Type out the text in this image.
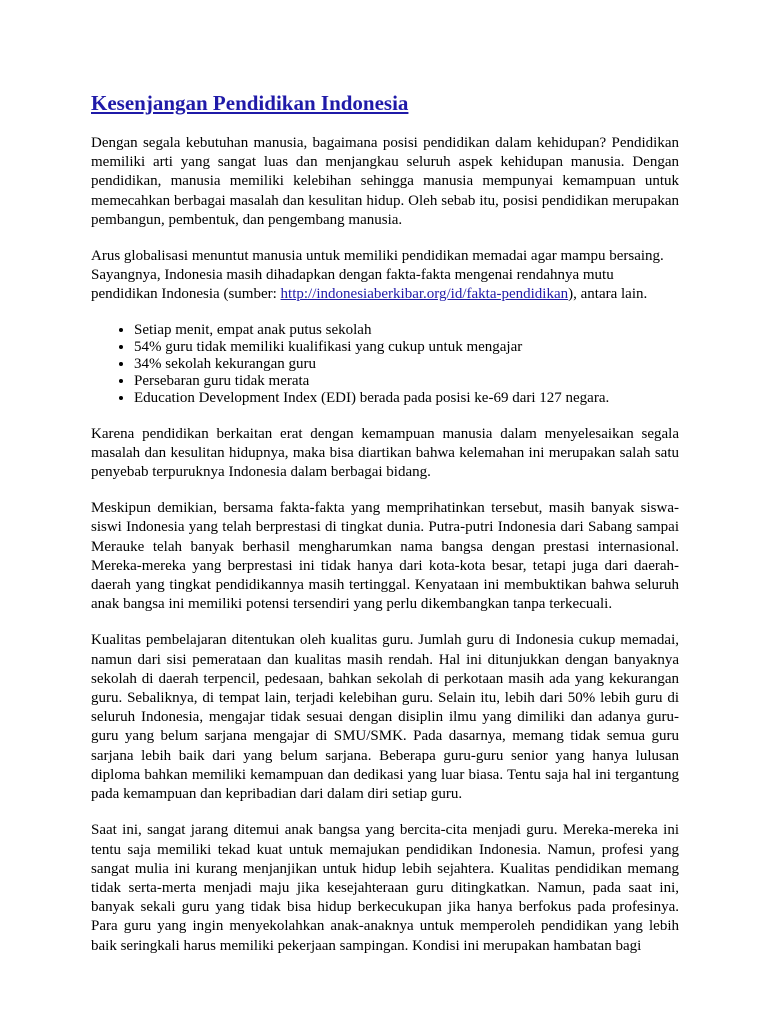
Kesenjangan Pendidikan Indonesia

Dengan segala kebutuhan manusia, bagaimana posisi pendidikan dalam kehidupan? Pendidikan memiliki arti yang sangat luas dan menjangkau seluruh aspek kehidupan manusia. Dengan pendidikan, manusia memiliki kelebihan sehingga manusia mempunyai kemampuan untuk memecahkan berbagai masalah dan kesulitan hidup. Oleh sebab itu, posisi pendidikan merupakan pembangun, pembentuk, dan pengembang manusia.

Arus globalisasi menuntut manusia untuk memiliki pendidikan memadai agar mampu bersaing. Sayangnya, Indonesia masih dihadapkan dengan fakta-fakta mengenai rendahnya mutu pendidikan Indonesia (sumber: http://indonesiaberkibar.org/id/fakta-pendidikan), antara lain.

• Setiap menit, empat anak putus sekolah
• 54% guru tidak memiliki kualifikasi yang cukup untuk mengajar
• 34% sekolah kekurangan guru
• Persebaran guru tidak merata
• Education Development Index (EDI) berada pada posisi ke-69 dari 127 negara.

Karena pendidikan berkaitan erat dengan kemampuan manusia dalam menyelesaikan segala masalah dan kesulitan hidupnya, maka bisa diartikan bahwa kelemahan ini merupakan salah satu penyebab terpuruknya Indonesia dalam berbagai bidang.

Meskipun demikian, bersama fakta-fakta yang memprihatinkan tersebut, masih banyak siswa-siswi Indonesia yang telah berprestasi di tingkat dunia. Putra-putri Indonesia dari Sabang sampai Merauke telah banyak berhasil mengharumkan nama bangsa dengan prestasi internasional. Mereka-mereka yang berprestasi ini tidak hanya dari kota-kota besar, tetapi juga dari daerah-daerah yang tingkat pendidikannya masih tertinggal. Kenyataan ini membuktikan bahwa seluruh anak bangsa ini memiliki potensi tersendiri yang perlu dikembangkan tanpa terkecuali.

Kualitas pembelajaran ditentukan oleh kualitas guru. Jumlah guru di Indonesia cukup memadai, namun dari sisi pemerataan dan kualitas masih rendah. Hal ini ditunjukkan dengan banyaknya sekolah di daerah terpencil, pedesaan, bahkan sekolah di perkotaan masih ada yang kekurangan guru. Sebaliknya, di tempat lain, terjadi kelebihan guru. Selain itu, lebih dari 50% lebih guru di seluruh Indonesia, mengajar tidak sesuai dengan disiplin ilmu yang dimiliki dan adanya guru-guru yang belum sarjana mengajar di SMU/SMK. Pada dasarnya, memang tidak semua guru sarjana lebih baik dari yang belum sarjana. Beberapa guru-guru senior yang hanya lulusan diploma bahkan memiliki kemampuan dan dedikasi yang luar biasa. Tentu saja hal ini tergantung pada kemampuan dan kepribadian dari dalam diri setiap guru.

Saat ini, sangat jarang ditemui anak bangsa yang bercita-cita menjadi guru. Mereka-mereka ini tentu saja memiliki tekad kuat untuk memajukan pendidikan Indonesia. Namun, profesi yang sangat mulia ini kurang menjanjikan untuk hidup lebih sejahtera. Kualitas pendidikan memang tidak serta-merta menjadi maju jika kesejahteraan guru ditingkatkan. Namun, pada saat ini, banyak sekali guru yang tidak bisa hidup berkecukupan jika hanya berfokus pada profesinya. Para guru yang ingin menyekolahkan anak-anaknya untuk memperoleh pendidikan yang lebih baik seringkali harus memiliki pekerjaan sampingan. Kondisi ini merupakan hambatan bagi
